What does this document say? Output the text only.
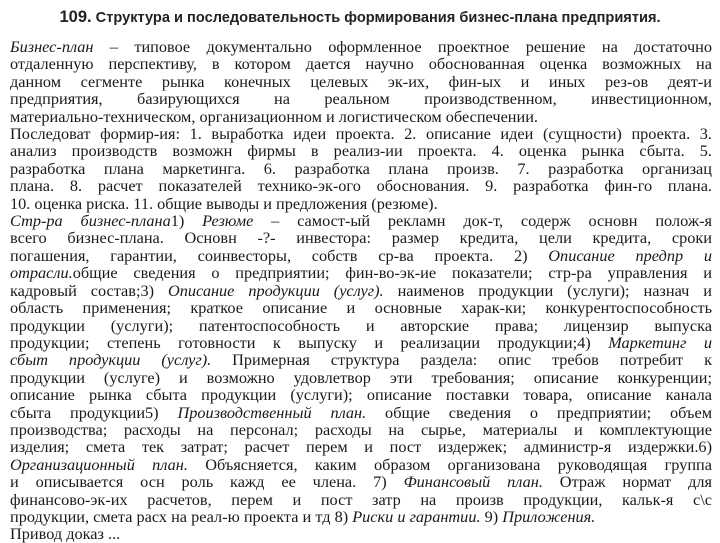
109. Структура и последовательность формирования бизнес-плана предприятия.
Бизнес-план – типовое документально оформленное проектное решение на достаточно
отдаленную перспективу, в котором дается научно обоснованная оценка возможных на
данном сегменте рынка конечных целевых эк-их, фин-ых и иных рез-ов деят-и
предприятия, базирующихся на реальном производственном, инвестиционном,
материально-техническом, организационном и логистическом обеспечении.
Последоват формир-ия: 1. выработка идеи проекта. 2. описание идеи (сущности) проекта. 3.
анализ производств возможн фирмы в реализ-ии проекта. 4. оценка рынка сбыта. 5.
разработка плана маркетинга. 6. разработка плана произв. 7. разработка организац
плана. 8. расчет показателей технико-эк-ого обоснования. 9. разработка фин-го плана.
10. оценка риска. 11. общие выводы и предложения (резюме).
Стр-ра бизнес-плана1) Резюме – самост-ый рекламн док-т, содерж основн полож-я
всего бизнес-плана. Основн -?- инвестора: размер кредита, цели кредита, сроки
погашения, гарантии, соинвесторы, собств ср-ва проекта. 2) Описание предпр и
отрасли.общие сведения о предприятии; фин-во-эк-ие показатели; стр-ра управления и
кадровый состав;3) Описание продукции (услуг). наименов продукции (услуги); назнач и
область применения; краткое описание и основные харак-ки; конкурентоспособность
продукции (услуги); патентоспособность и авторские права; лицензир выпуска
продукции; степень готовности к выпуску и реализации продукции;4) Маркетинг и
сбыт продукции (услуг). Примерная структура раздела: опис требов потребит к
продукции (услуге) и возможно удовлетвор эти требования; описание конкуренции;
описание рынка сбыта продукции (услуги); описание поставки товара, описание канала
сбыта продукции5) Производственный план. общие сведения о предприятии; объем
производства; расходы на персонал; расходы на сырье, материалы и комплектующие
изделия; смета тек затрат; расчет перем и пост издержек; администр-я издержки.6)
Организационный план. Объясняется, каким образом организована руководящая группа
и описывается осн роль кажд ее члена. 7) Финансовый план. Отраж нормат для
финансово-эк-их расчетов, перем и пост затр на произв продукции, кальк-я с\с
продукции, смета расх на реал-ю проекта и тд 8) Риски и гарантии. 9) Приложения.
Привод доказ ...
